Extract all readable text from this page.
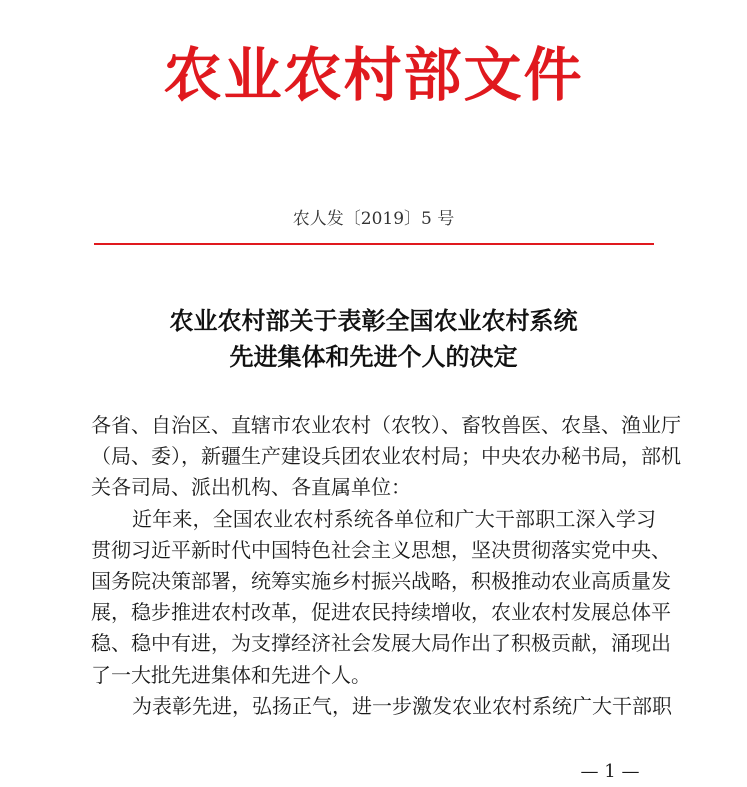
农业农村部文件
农人发〔2019〕5 号
农业农村部关于表彰全国农业农村系统
先进集体和先进个人的决定
各省、自治区、直辖市农业农村（农牧）、畜牧兽医、农垦、渔业厅
（局、委），新疆生产建设兵团农业农村局；中央农办秘书局，部机
关各司局、派出机构、各直属单位：
近年来，全国农业农村系统各单位和广大干部职工深入学习
贯彻习近平新时代中国特色社会主义思想，坚决贯彻落实党中央、
国务院决策部署，统筹实施乡村振兴战略，积极推动农业高质量发
展，稳步推进农村改革，促进农民持续增收，农业农村发展总体平
稳、稳中有进，为支撑经济社会发展大局作出了积极贡献，涌现出
了一大批先进集体和先进个人。
为表彰先进，弘扬正气，进一步激发农业农村系统广大干部职
— 1 —
